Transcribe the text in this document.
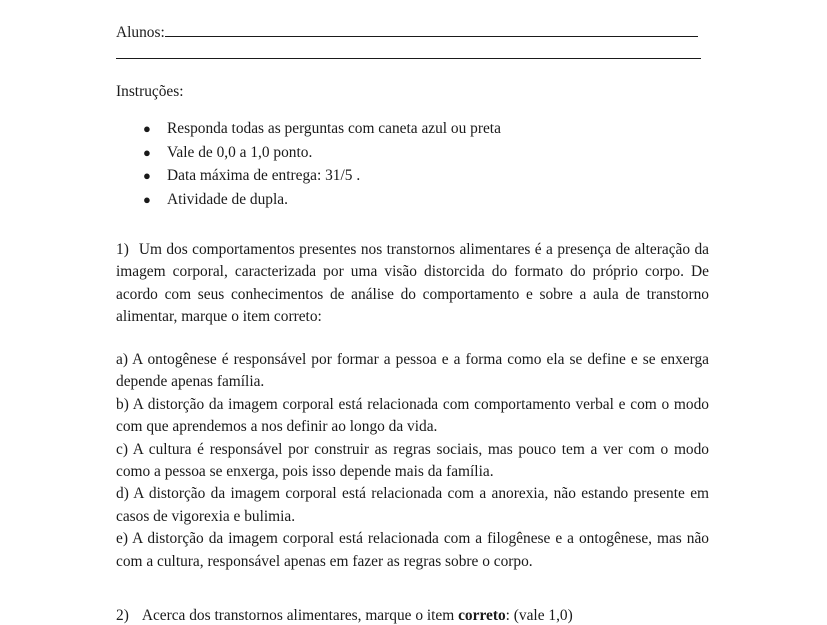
Alunos:
Instruções:
● Responda todas as perguntas com caneta azul ou preta
● Vale de 0,0 a 1,0 ponto.
● Data máxima de entrega: 31/5 .
● Atividade de dupla.

1) Um dos comportamentos presentes nos transtornos alimentares é a presença de alteração da imagem corporal, caracterizada por uma visão distorcida do formato do próprio corpo. De acordo com seus conhecimentos de análise do comportamento e sobre a aula de transtorno alimentar, marque o item correto:

a) A ontogênese é responsável por formar a pessoa e a forma como ela se define e se enxerga depende apenas família.

b) A distorção da imagem corporal está relacionada com comportamento verbal e com o modo com que aprendemos a nos definir ao longo da vida.

c) A cultura é responsável por construir as regras sociais, mas pouco tem a ver com o modo como a pessoa se enxerga, pois isso depende mais da família.

d) A distorção da imagem corporal está relacionada com a anorexia, não estando presente em casos de vigorexia e bulimia.

e) A distorção da imagem corporal está relacionada com a filogênese e a ontogênese, mas não com a cultura, responsável apenas em fazer as regras sobre o corpo.

2) Acerca dos transtornos alimentares, marque o item correto: (vale 1,0)
